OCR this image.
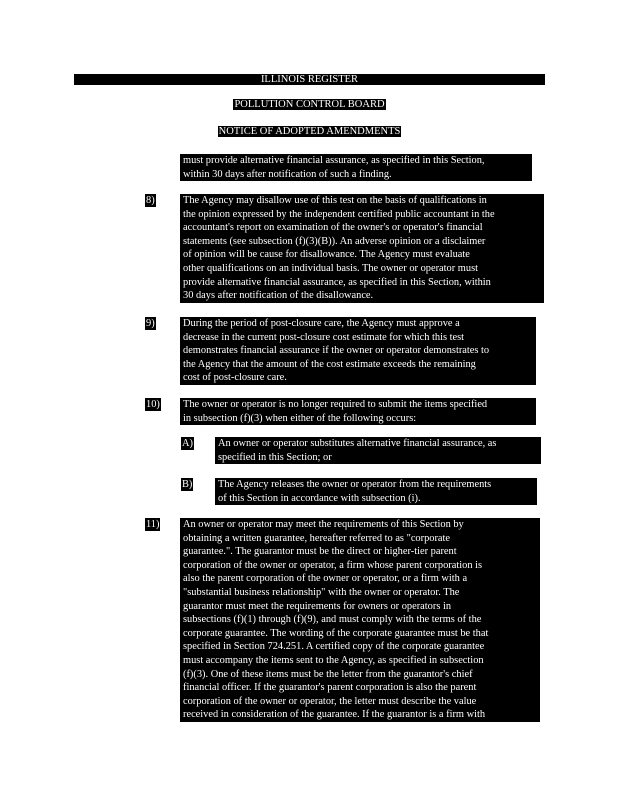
ILLINOIS REGISTER
POLLUTION CONTROL BOARD
NOTICE OF ADOPTED AMENDMENTS
must provide alternative financial assurance, as specified in this Section,
within 30 days after notification of such a finding.
8)	The Agency may disallow use of this test on the basis of qualifications in
the opinion expressed by the independent certified public accountant in the
accountant's report on examination of the owner's or operator's financial
statements (see subsection (f)(3)(B)). An adverse opinion or a disclaimer
of opinion will be cause for disallowance. The Agency must evaluate
other qualifications on an individual basis. The owner or operator must
provide alternative financial assurance, as specified in this Section, within
30 days after notification of the disallowance.
9)	During the period of post-closure care, the Agency must approve a
decrease in the current post-closure cost estimate for which this test
demonstrates financial assurance if the owner or operator demonstrates to
the Agency that the amount of the cost estimate exceeds the remaining
cost of post-closure care.
10) The owner or operator is no longer required to submit the items specified
in subsection (f)(3) when either of the following occurs:
A) An owner or operator substitutes alternative financial assurance, as
specified in this Section; or
B) The Agency releases the owner or operator from the requirements
of this Section in accordance with subsection (i).
11) An owner or operator may meet the requirements of this Section by
obtaining a written guarantee, hereafter referred to as "corporate
guarantee.". The guarantor must be the direct or higher-tier parent
corporation of the owner or operator, a firm whose parent corporation is
also the parent corporation of the owner or operator, or a firm with a
"substantial business relationship" with the owner or operator. The
guarantor must meet the requirements for owners or operators in
subsections (f)(1) through (f)(9), and must comply with the terms of the
corporate guarantee. The wording of the corporate guarantee must be that
specified in Section 724.251. A certified copy of the corporate guarantee
must accompany the items sent to the Agency, as specified in subsection
(f)(3). One of these items must be the letter from the guarantor's chief
financial officer. If the guarantor's parent corporation is also the parent
corporation of the owner or operator, the letter must describe the value
received in consideration of the guarantee. If the guarantor is a firm with
